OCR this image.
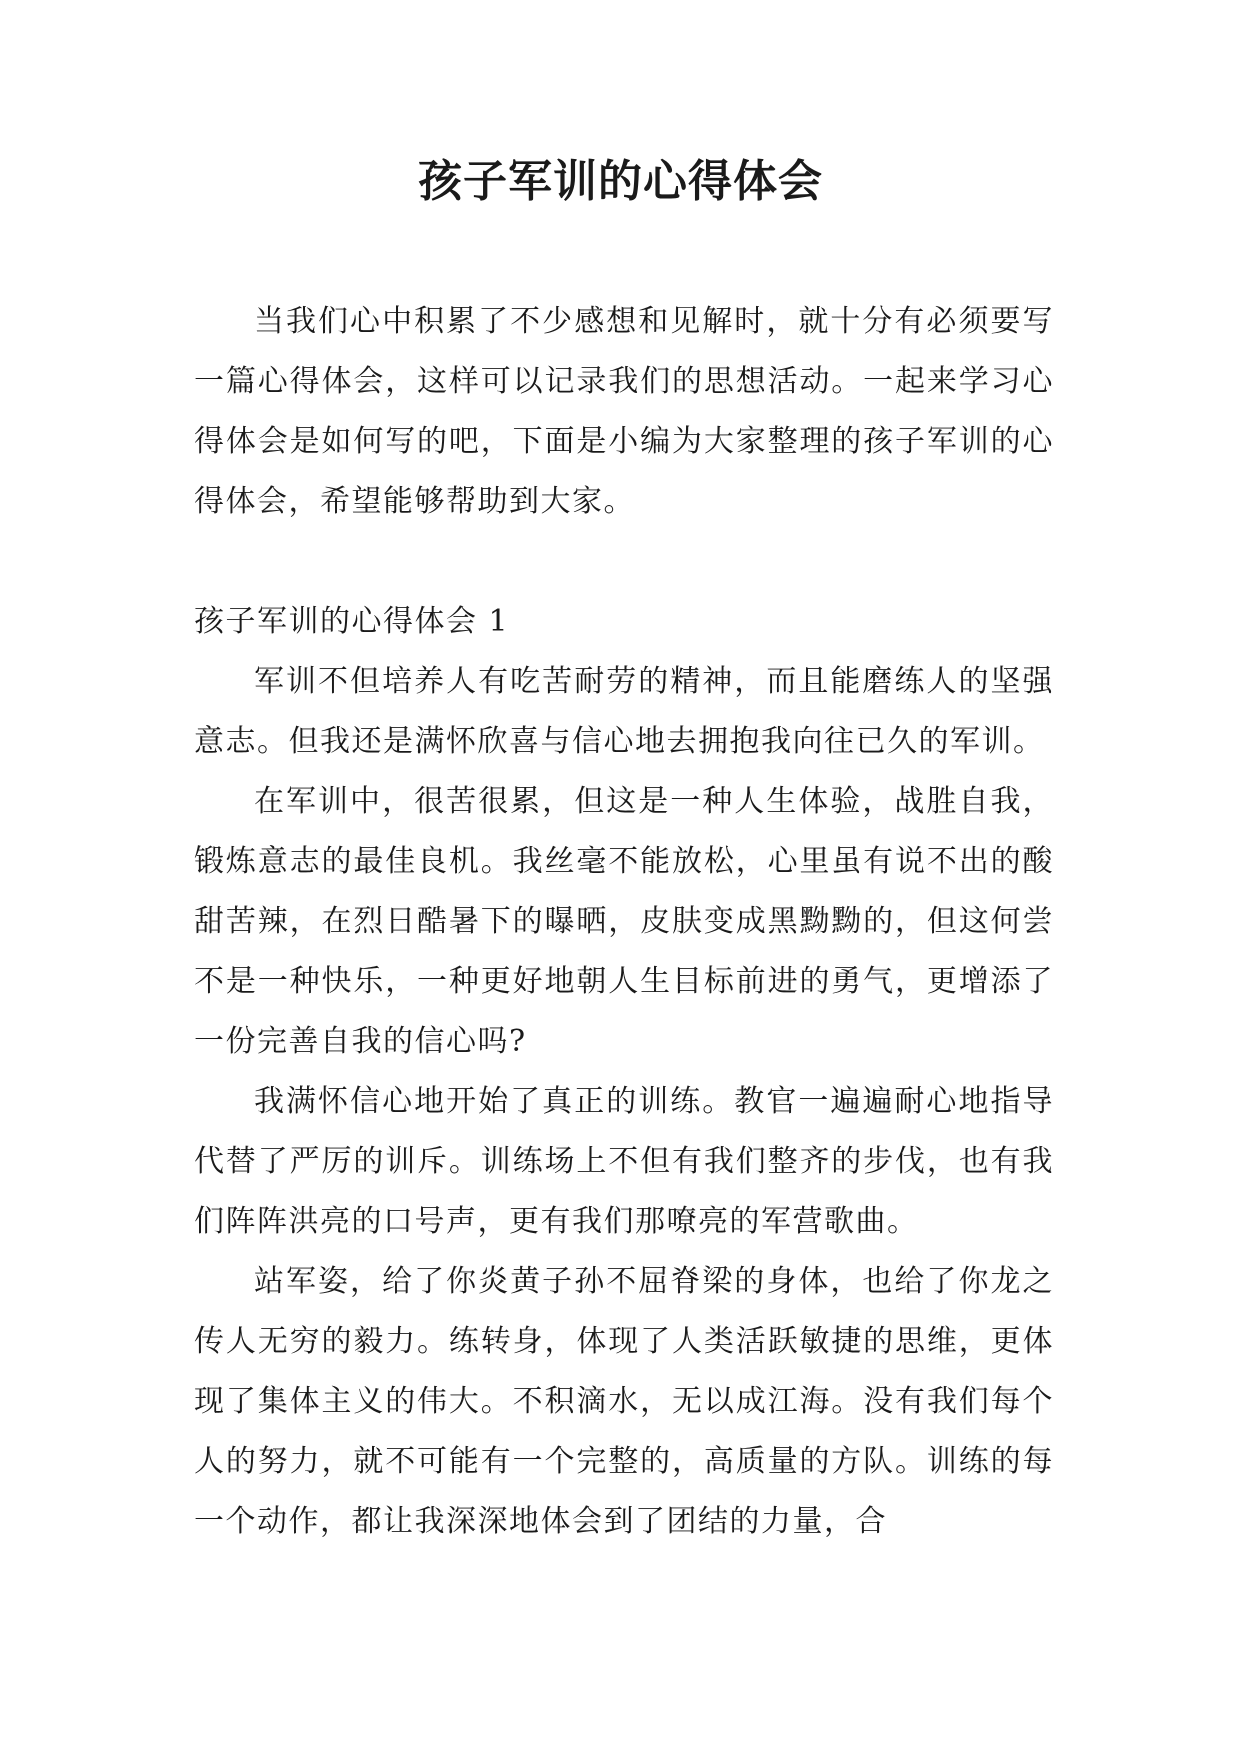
孩子军训的心得体会

当我们心中积累了不少感想和见解时，就十分有必须要写一篇心得体会，这样可以记录我们的思想活动。一起来学习心得体会是如何写的吧，下面是小编为大家整理的孩子军训的心得体会，希望能够帮助到大家。

孩子军训的心得体会 1

军训不但培养人有吃苦耐劳的精神，而且能磨练人的坚强意志。但我还是满怀欣喜与信心地去拥抱我向往已久的军训。

在军训中，很苦很累，但这是一种人生体验，战胜自我，锻炼意志的最佳良机。我丝毫不能放松，心里虽有说不出的酸甜苦辣，在烈日酷暑下的曝晒，皮肤变成黑黝黝的，但这何尝不是一种快乐，一种更好地朝人生目标前进的勇气，更增添了一份完善自我的信心吗?

我满怀信心地开始了真正的训练。教官一遍遍耐心地指导代替了严厉的训斥。训练场上不但有我们整齐的步伐，也有我们阵阵洪亮的口号声，更有我们那嘹亮的军营歌曲。

站军姿，给了你炎黄子孙不屈脊梁的身体，也给了你龙之传人无穷的毅力。练转身，体现了人类活跃敏捷的思维，更体现了集体主义的伟大。不积滴水，无以成江海。没有我们每个人的努力，就不可能有一个完整的，高质量的方队。训练的每一个动作，都让我深深地体会到了团结的力量，合
